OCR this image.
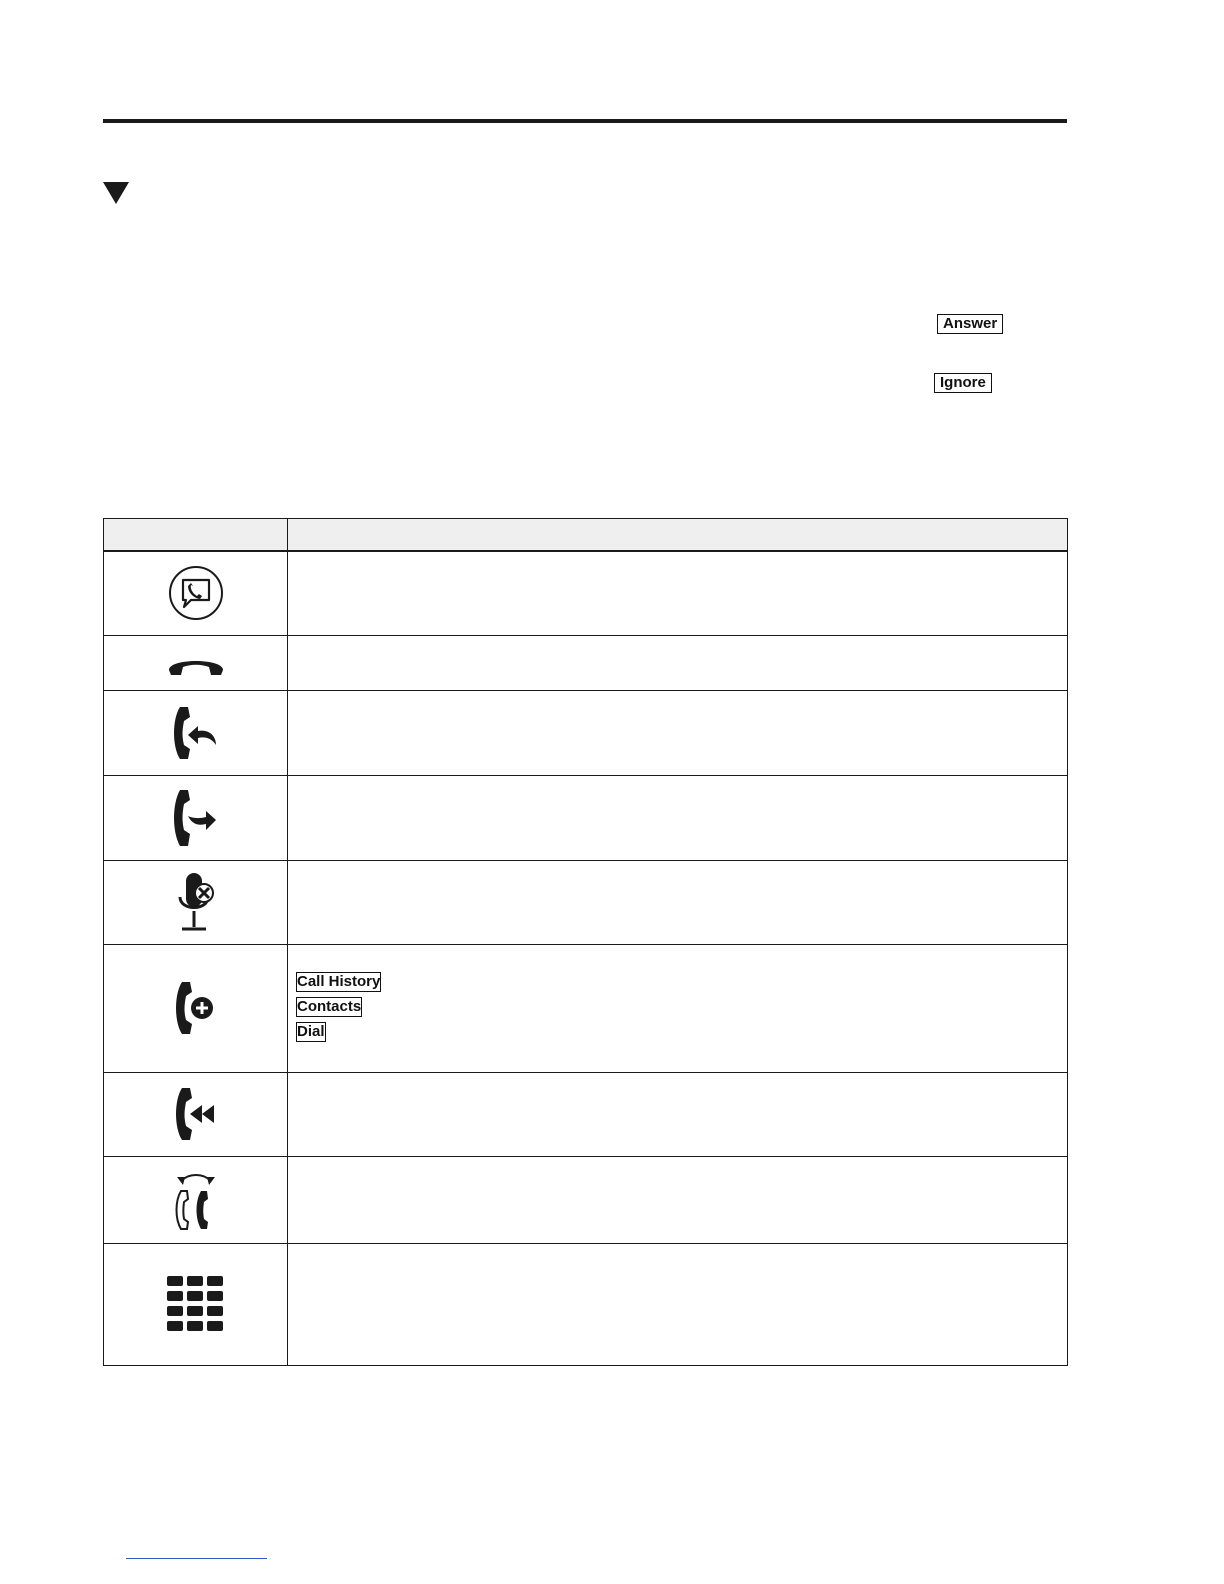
Answer
Ignore

Call History
Contacts
Dial
